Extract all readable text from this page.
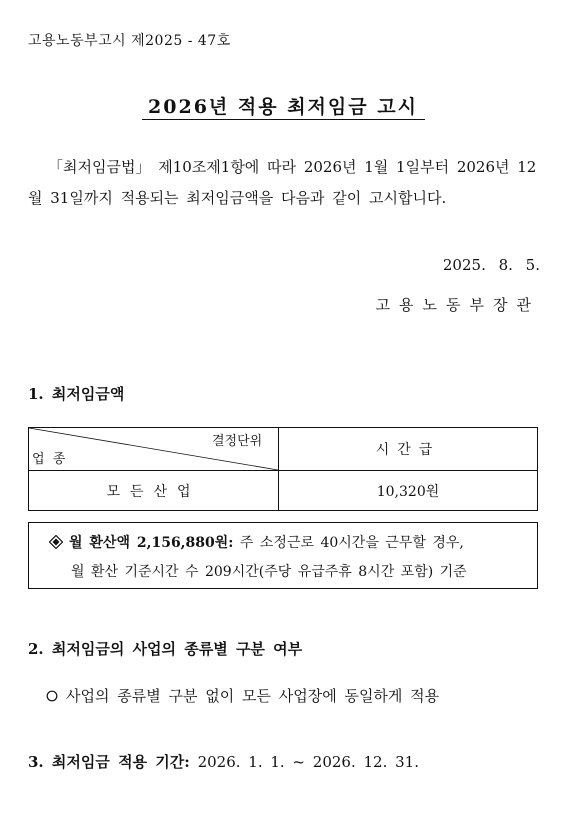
고용노동부고시 제2025 - 47호
2026년 적용 최저임금 고시
「최저임금법」 제10조제1항에 따라 2026년 1월 1일부터 2026년 12월 31일까지 적용되는 최저임금액을 다음과 같이 고시합니다.
2025. 8. 5.
고용노동부장관
1. 최저임금액
결정단위
업 종
시간급
모든산업	10,320원
월 환산액 2,156,880원: 주 소정근로 40시간을 근무할 경우,
월 환산 기준시간 수 209시간(주당 유급주휴 8시간 포함) 기준
2. 최저임금의 사업의 종류별 구분 여부
사업의 종류별 구분 없이 모든 사업장에 동일하게 적용
3. 최저임금 적용 기간: 2026. 1. 1. ~ 2026. 12. 31.
